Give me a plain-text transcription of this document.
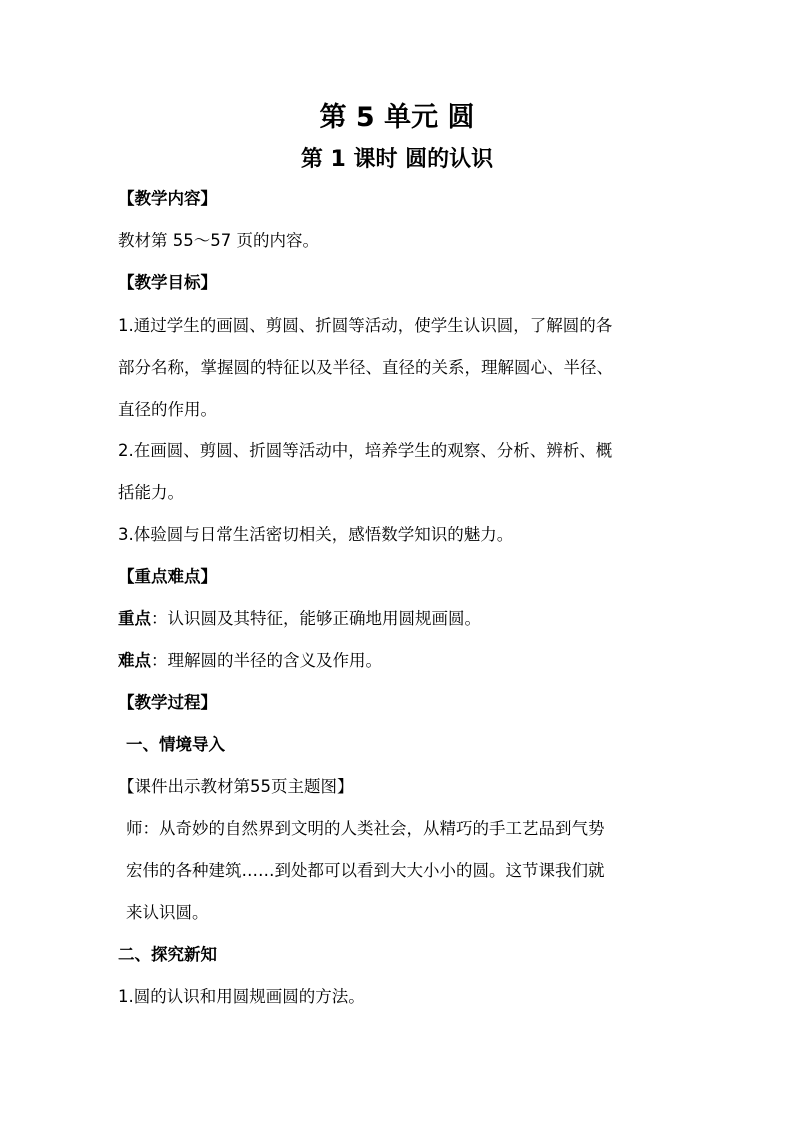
第 5 单元 圆
第 1 课时 圆的认识
【教学内容】
教材第 55～57 页的内容。
【教学目标】
1.通过学生的画圆、剪圆、折圆等活动，使学生认识圆，了解圆的各
部分名称，掌握圆的特征以及半径、直径的关系，理解圆心、半径、
直径的作用。
2.在画圆、剪圆、折圆等活动中，培养学生的观察、分析、辨析、概
括能力。
3.体验圆与日常生活密切相关，感悟数学知识的魅力。
【重点难点】
重点：认识圆及其特征，能够正确地用圆规画圆。
难点：理解圆的半径的含义及作用。
【教学过程】
一、情境导入
【课件出示教材第55页主题图】
师：从奇妙的自然界到文明的人类社会，从精巧的手工艺品到气势
宏伟的各种建筑……到处都可以看到大大小小的圆。这节课我们就
来认识圆。
二、探究新知
1.圆的认识和用圆规画圆的方法。
